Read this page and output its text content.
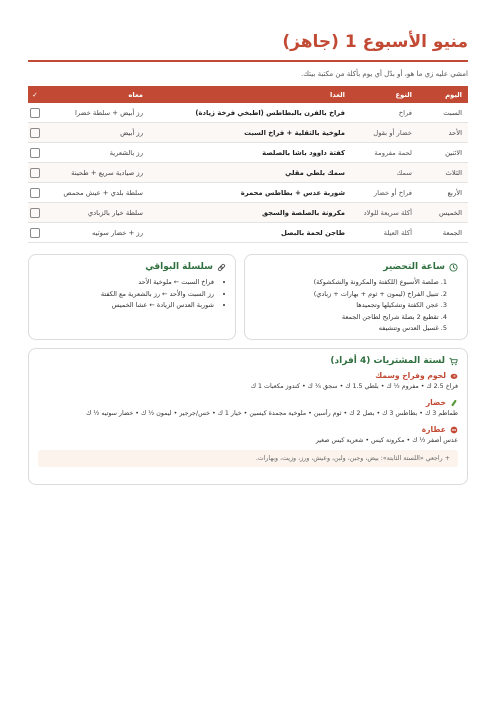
منيو الأسبوع 1 (جاهز)
امشي عليه زي ما هو، أو بدّل أي يوم بأكلة من مكتبة بيتك.
اليوم	النوع	الغدا	معاه	✓
السبت	فراخ	فراخ بالفرن بالبطاطس (اطبخي فرخة زيادة)	رز أبيض + سلطة خضرا	
الأحد	خضار أو بقول	ملوخية بالتقلية + فراخ السبت	رز أبيض	
الاثنين	لحمة مفرومة	كفتة داوود باشا بالصلصة	رز بالشعرية	
الثلاث	سمك	سمك بلطي مقلي	رز صيادية سريع + طحينة	
الأربع	فراخ أو خضار	شوربة عدس + بطاطس محمرة	سلطة بلدي + عيش محمص	
الخميس	أكلة سريعة للولاد	مكرونة بالصلصة والسجق	سلطة خيار بالزبادي	
الجمعة	أكلة العيلة	طاجن لحمة بالبصل	رز + خضار سوتيه	
ساعة التحضير
1. صلصة الأسبوع (للكفتة والمكرونة والشكشوكة)
2. تتبيل الفراخ (ليمون + ثوم + بهارات + زبادي)
3. عجن الكفتة وتشكيلها وتجميدها
4. تقطيع 2 بصلة شرايح لطاجن الجمعة
5. غسيل العدس وتنشيفه
سلسلة البواقي
• فراخ السبت ← ملوخية الأحد
• رز السبت والأحد ← رز بالشعرية مع الكفتة
• شوربة العدس الزيادة ← عشا الخميس
لستة المشتريات (4 أفراد)
لحوم وفراخ وسمك
فراخ 2.5 ك • مفروم ½ ك • بلطي 1.5 ك • سجق ¼ ك • كندوز مكعبات 1 ك
خضار
طماطم 3 ك • بطاطس 3 ك • بصل 2 ك • ثوم رأسين • ملوخية مجمدة كيسين • خيار 1 ك • خس/جرجير • ليمون ½ ك • خضار سوتيه ½ ك
عطارة
عدس أصفر ½ ك • مكرونة كيس • شعرية كيس صغير
+ راجعي «اللستة الثابتة»: بيض، وجبن، ولبن، وعيش، ورز، وزيت، وبهارات.
